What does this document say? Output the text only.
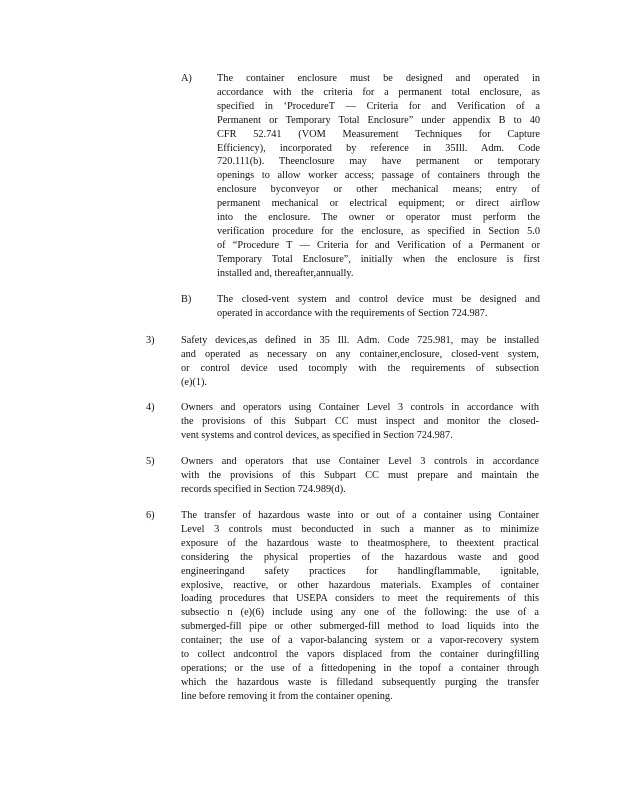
A) The container enclosure must be designed and operated in
accordance with the criteria for a permanent total enclosure, as
specified in ‘ProcedureT — Criteria for and Verification of a
Permanent or Temporary Total Enclosure” under appendix B to 40
CFR 52.741 (VOM Measurement Techniques for Capture
Efficiency), incorporated by reference in 35Ill. Adm. Code
720.111(b). Theenclosure may have permanent or temporary
openings to allow worker access; passage of containers through the
enclosure byconveyor or other mechanical means; entry of
permanent mechanical or electrical equipment; or direct airflow
into the enclosure. The owner or operator must perform the
verification procedure for the enclosure, as specified in Section 5.0
of “Procedure T — Criteria for and Verification of a Permanent or
Temporary Total Enclosure”, initially when the enclosure is first
installed and, thereafter,annually.
B) The closed-vent system and control device must be designed and
operated in accordance with the requirements of Section 724.987.
3)	Safety devices,as defined in 35 Ill. Adm. Code 725.981, may be installed
and operated as necessary on any container,enclosure, closed-vent system,
or control device used tocomply with the requirements of subsection
(e)(1).
4)	Owners and operators using Container Level 3 controls in accordance with
the provisions of this Subpart CC must inspect and monitor the closed-
vent systems and control devices, as specified in Section 724.987.
5)	Owners and operators that use Container Level 3 controls in accordance
with the provisions of this Subpart CC must prepare and maintain the
records specified in Section 724.989(d).
6)	The transfer of hazardous waste into or out of a container using Container
Level 3 controls must beconducted in such a manner as to minimize
exposure of the hazardous waste to theatmosphere, to theextent practical
considering the physical properties of the hazardous waste and good
engineeringand safety practices for handlingflammable, ignitable,
explosive, reactive, or other hazardous materials. Examples of container
loading procedures that USEPA considers to meet the requirements of this
subsectio n (e)(6) include using any one of the following: the use of a
submerged-fill pipe or other submerged-fill method to load liquids into the
container; the use of a vapor-balancing system or a vapor-recovery system
to collect andcontrol the vapors displaced from the container duringfilling
operations; or the use of a fittedopening in the topof a container through
which the hazardous waste is filledand subsequently purging the transfer
line before removing it from the container opening.
